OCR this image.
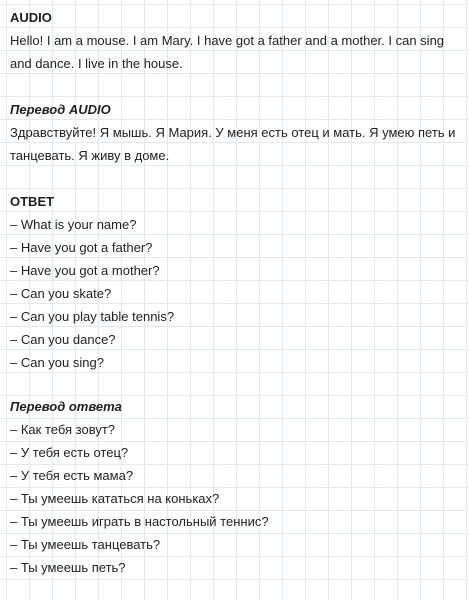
AUDIO

Hello! I am a mouse. I am Mary. I have got a father and a mother. I can sing and dance. I live in the house.

Перевод AUDIO

Здравствуйте! Я мышь. Я Мария. У меня есть отец и мать. Я умею петь и танцевать. Я живу в доме.

ОТВЕТ
– What is your name?
– Have you got a father?
– Have you got a mother?
– Can you skate?
– Can you play table tennis?
– Can you dance?
– Can you sing?
Перевод ответа
– Как тебя зовут?
– У тебя есть отец?
– У тебя есть мама?
– Ты умеешь кататься на коньках?
– Ты умеешь играть в настольный теннис?
– Ты умеешь танцевать?
– Ты умеешь петь?
